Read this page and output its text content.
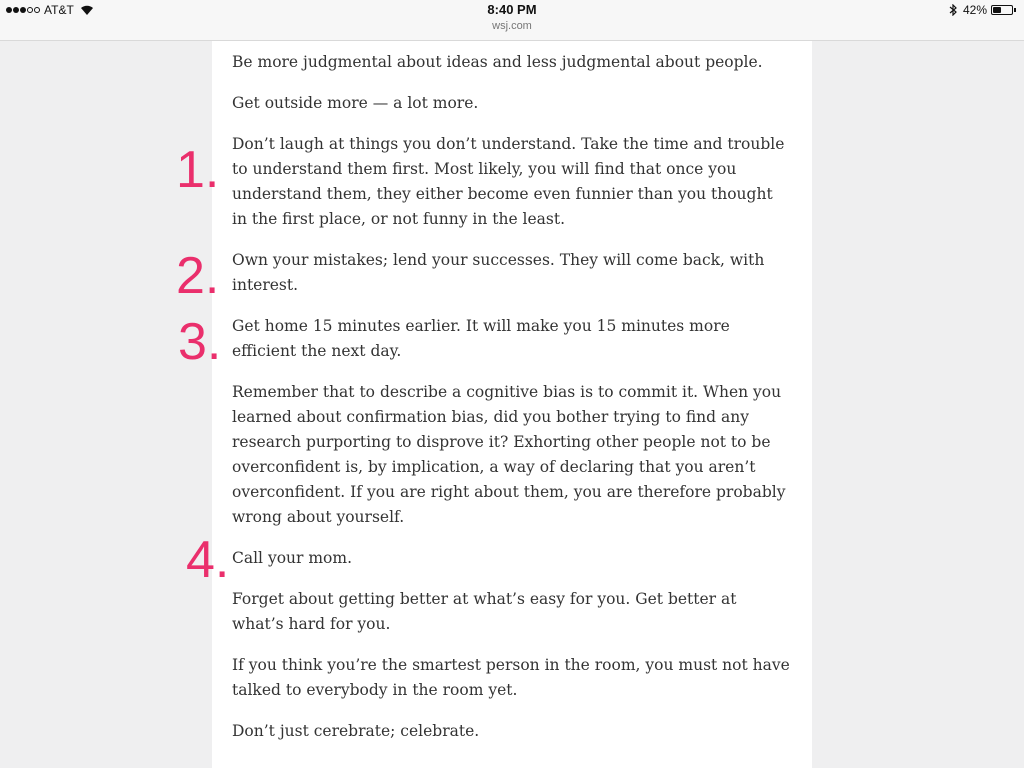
AT&T	8:40 PM
wsj.com
42%

Be more judgmental about ideas and less judgmental about people.

Get outside more — a lot more.

Don’t laugh at things you don’t understand. Take the time and trouble to understand them first. Most likely, you will find that once you understand them, they either become even funnier than you thought in the first place, or not funny in the least.

Own your mistakes; lend your successes. They will come back, with interest.

Get home 15 minutes earlier. It will make you 15 minutes more efficient the next day.

Remember that to describe a cognitive bias is to commit it. When you learned about confirmation bias, did you bother trying to find any research purporting to disprove it? Exhorting other people not to be overconfident is, by implication, a way of declaring that you aren’t overconfident. If you are right about them, you are therefore probably wrong about yourself.

Call your mom.

Forget about getting better at what’s easy for you. Get better at what’s hard for you.

If you think you’re the smartest person in the room, you must not have talked to everybody in the room yet.

Don’t just cerebrate; celebrate.

1.
2.
3.
4.
